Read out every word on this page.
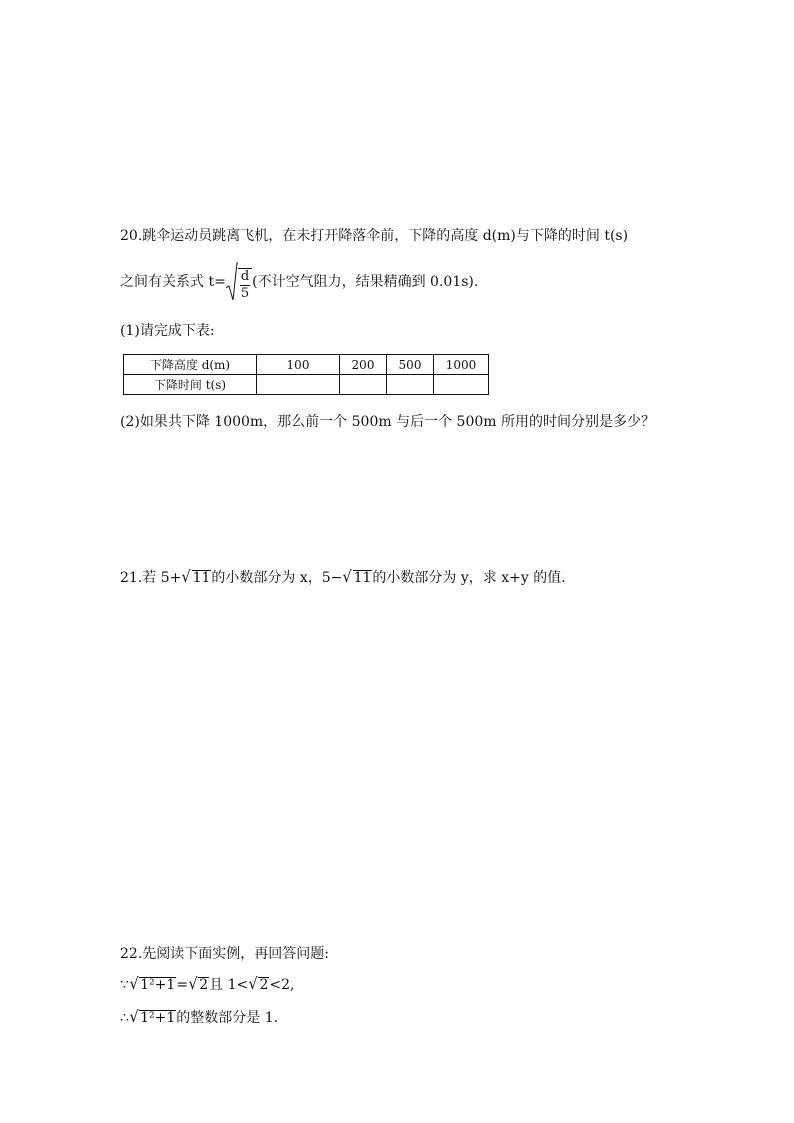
20.跳伞运动员跳离飞机，在未打开降落伞前，下降的高度 d(m)与下降的时间 t(s)
之间有关系式 $t= \frac{d}{5}$ (不计空气阻力，结果精确到 0.01s).
(1)请完成下表:
下降高度 d(m)	100	200	500	1000
下降时间 t(s)				
(2)如果共下降 1000m，那么前一个 500m 与后一个 500m 所用的时间分别是多少？
21.若 5+√ 11的小数部分为 x，5−√ 11的小数部分为 y，求 x+y 的值.
22.先阅读下面实例，再回答问题:
∵√ 1²+1=√ 2且 1<√ 2<2,
∴√ 1²+1的整数部分是 1.
